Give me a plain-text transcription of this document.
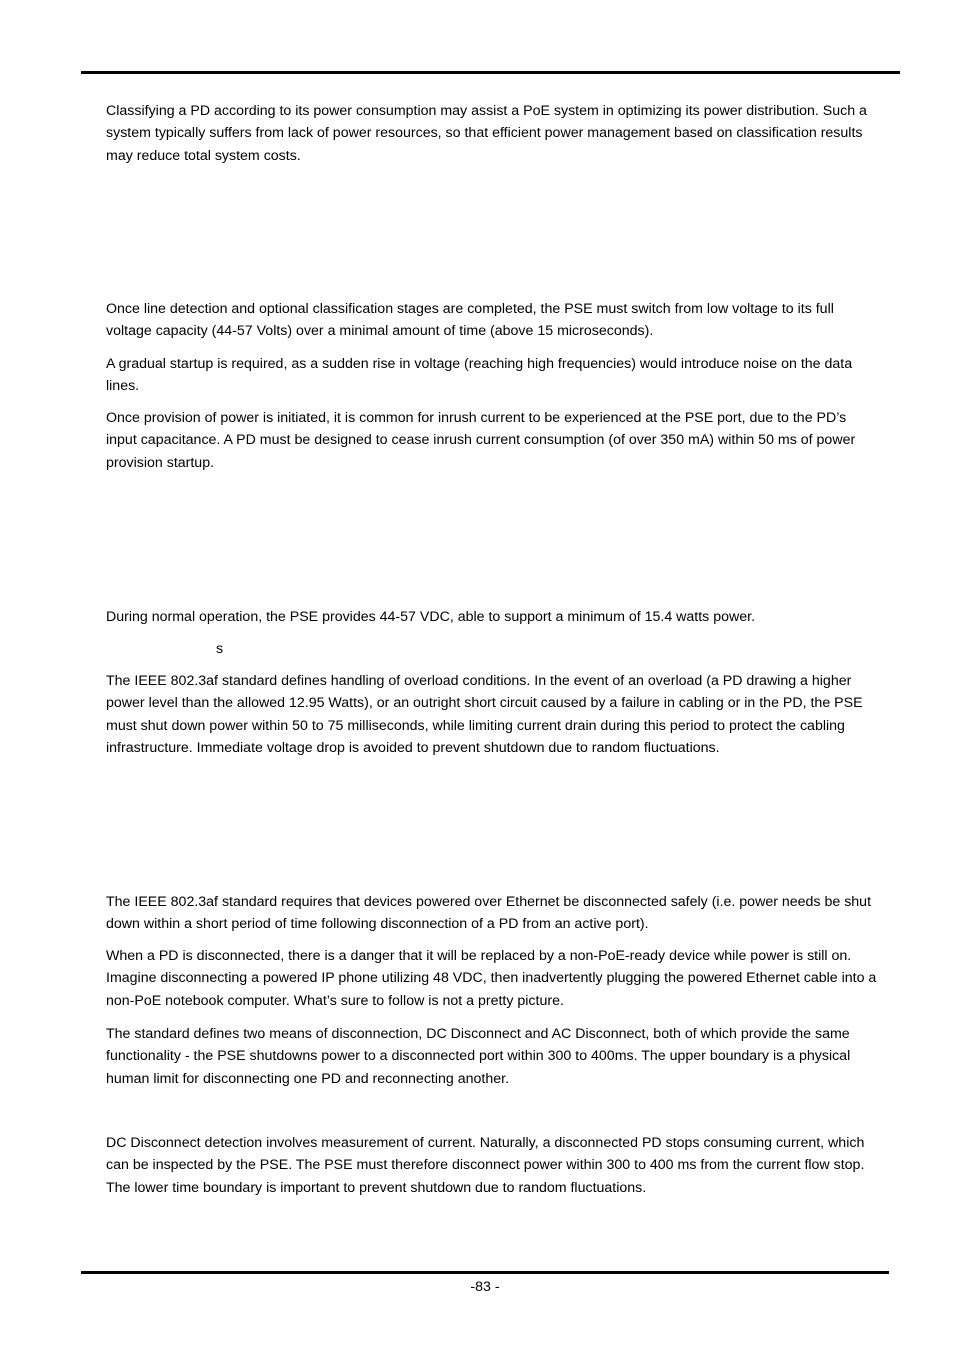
Classifying a PD according to its power consumption may assist a PoE system in optimizing its power distribution. Such a system typically suffers from lack of power resources, so that efficient power management based on classification results may reduce total system costs.

Once line detection and optional classification stages are completed, the PSE must switch from low voltage to its full voltage capacity (44-57 Volts) over a minimal amount of time (above 15 microseconds).

A gradual startup is required, as a sudden rise in voltage (reaching high frequencies) would introduce noise on the data lines.

Once provision of power is initiated, it is common for inrush current to be experienced at the PSE port, due to the PD’s input capacitance. A PD must be designed to cease inrush current consumption (of over 350 mA) within 50 ms of power provision startup.

During normal operation, the PSE provides 44-57 VDC, able to support a minimum of 15.4 watts power.

s

The IEEE 802.3af standard defines handling of overload conditions. In the event of an overload (a PD drawing a higher power level than the allowed 12.95 Watts), or an outright short circuit caused by a failure in cabling or in the PD, the PSE must shut down power within 50 to 75 milliseconds, while limiting current drain during this period to protect the cabling infrastructure. Immediate voltage drop is avoided to prevent shutdown due to random fluctuations.

The IEEE 802.3af standard requires that devices powered over Ethernet be disconnected safely (i.e. power needs be shut down within a short period of time following disconnection of a PD from an active port).

When a PD is disconnected, there is a danger that it will be replaced by a non-PoE-ready device while power is still on. Imagine disconnecting a powered IP phone utilizing 48 VDC, then inadvertently plugging the powered Ethernet cable into a non-PoE notebook computer. What’s sure to follow is not a pretty picture.

The standard defines two means of disconnection, DC Disconnect and AC Disconnect, both of which provide the same functionality - the PSE shutdowns power to a disconnected port within 300 to 400ms. The upper boundary is a physical human limit for disconnecting one PD and reconnecting another.

DC Disconnect detection involves measurement of current. Naturally, a disconnected PD stops consuming current, which can be inspected by the PSE. The PSE must therefore disconnect power within 300 to 400 ms from the current flow stop. The lower time boundary is important to prevent shutdown due to random fluctuations.

-83 -
